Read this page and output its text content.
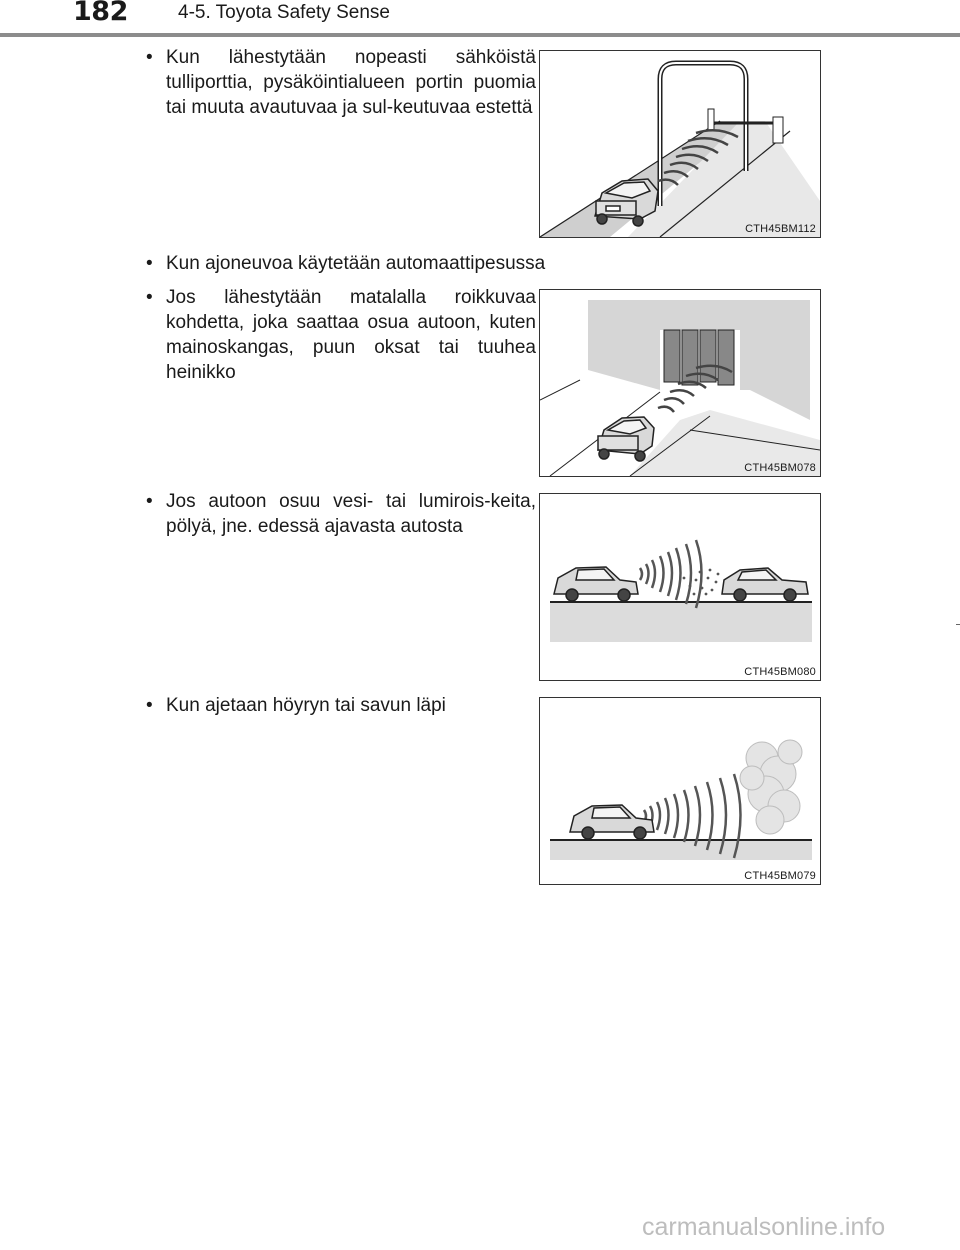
182	4-5. Toyota Safety Sense
• Kun lähestytään nopeasti sähköistä tulliporttia, pysäköintialueen portin puomia tai muuta avautuvaa ja sul-keutuvaa estettä
CTH45BM112
• Kun ajoneuvoa käytetään automaattipesussa
• Jos lähestytään matalalla roikkuvaa kohdetta, joka saattaa osua autoon, kuten mainoskangas, puun oksat tai tuuhea heinikko
CTH45BM078
• Jos autoon osuu vesi- tai lumirois-keita, pölyä, jne. edessä ajavasta autosta
CTH45BM080
• Kun ajetaan höyryn tai savun läpi
CTH45BM079
carmanualsonline.info
